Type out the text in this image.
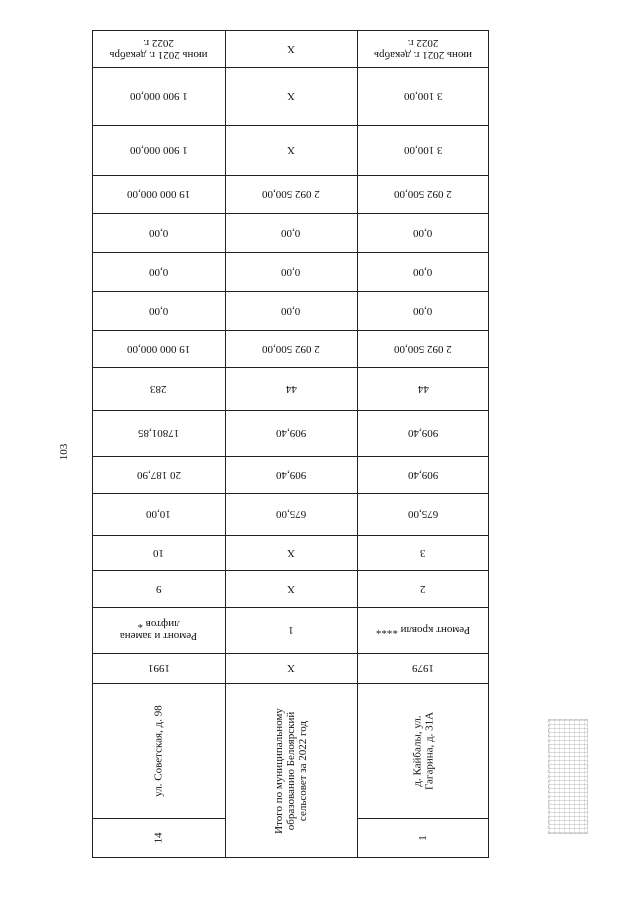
103
июнь 2021 г. декабрь 2022 г.
1 900 000,00
1 900 000,00
19 000 000,00
0,00
0,00
0,00
19 000 000,00
283
17801,85
20 187,90
10,00
10
9
Ремонт и замена лифтов *
1991
ул. Советская, д. 98
14
Х
Х
Х
2 092 500,00
0,00
0,00
0,00
2 092 500,00
44
909,40
909,40
675,00
Х
Х
1
Х
Итого по муниципальному образованию Белоярский сельсовет за 2022 год
июнь 2021 г. декабрь 2022 г.
3 100,00
3 100,00
2 092 500,00
0,00
0,00
0,00
2 092 500,00
44
909,40
909,40
675,00
3
2
Ремонт кровли ****
1979
д. Кайбалы, ул. Гагарина, д. 31А
1
